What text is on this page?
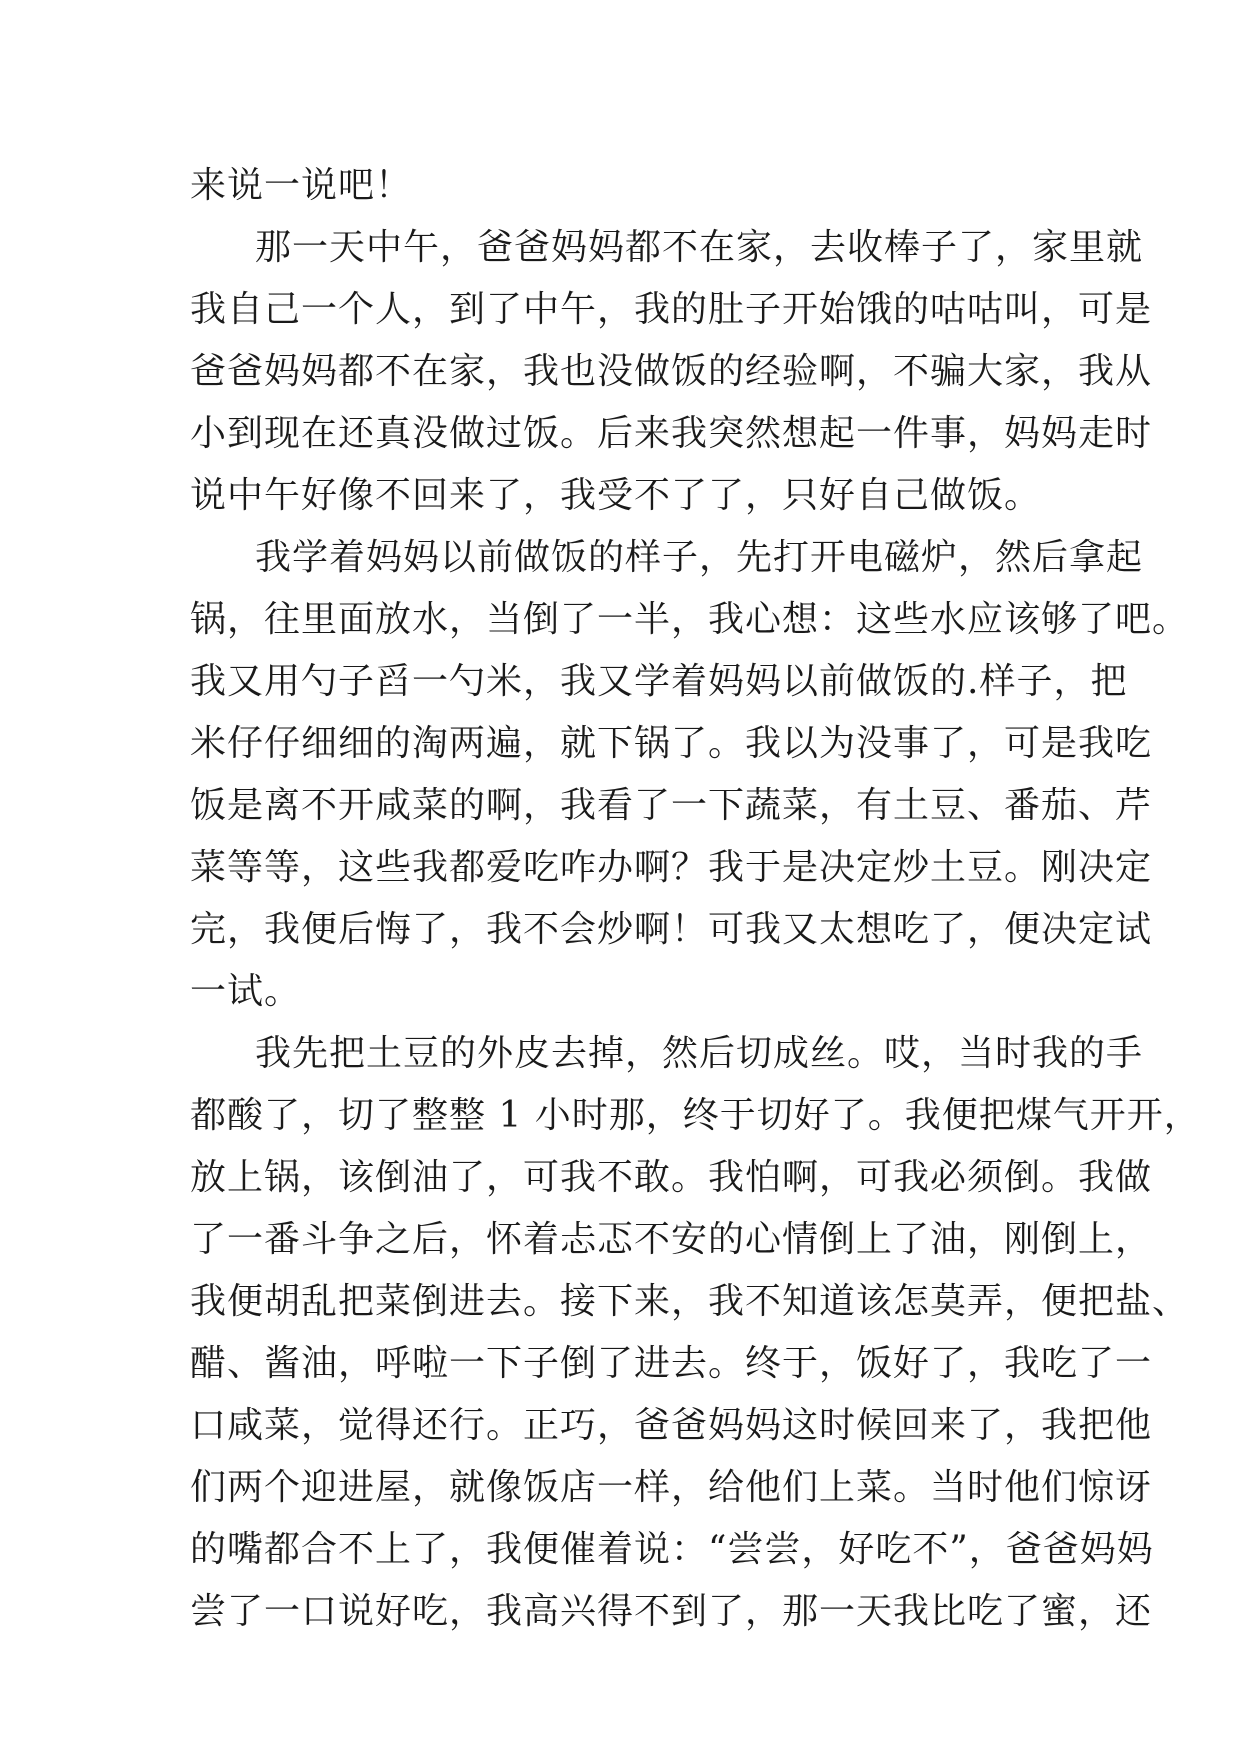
来说一说吧！
那一天中午，爸爸妈妈都不在家，去收棒子了，家里就
我自己一个人，到了中午，我的肚子开始饿的咕咕叫，可是
爸爸妈妈都不在家，我也没做饭的经验啊，不骗大家，我从
小到现在还真没做过饭。后来我突然想起一件事，妈妈走时
说中午好像不回来了，我受不了了，只好自己做饭。
我学着妈妈以前做饭的样子，先打开电磁炉，然后拿起
锅，往里面放水，当倒了一半，我心想：这些水应该够了吧。
我又用勺子舀一勺米，我又学着妈妈以前做饭的.样子，把
米仔仔细细的淘两遍，就下锅了。我以为没事了，可是我吃
饭是离不开咸菜的啊，我看了一下蔬菜，有土豆、番茄、芹
菜等等，这些我都爱吃咋办啊？我于是决定炒土豆。刚决定
完，我便后悔了，我不会炒啊！可我又太想吃了，便决定试
一试。
我先把土豆的外皮去掉，然后切成丝。哎，当时我的手
都酸了，切了整整 1 小时那，终于切好了。我便把煤气开开，
放上锅，该倒油了，可我不敢。我怕啊，可我必须倒。我做
了一番斗争之后，怀着忐忑不安的心情倒上了油，刚倒上，
我便胡乱把菜倒进去。接下来，我不知道该怎莫弄，便把盐、
醋、酱油，呼啦一下子倒了进去。终于，饭好了，我吃了一
口咸菜，觉得还行。正巧，爸爸妈妈这时候回来了，我把他
们两个迎进屋，就像饭店一样，给他们上菜。当时他们惊讶
的嘴都合不上了，我便催着说：“尝尝，好吃不”，爸爸妈妈
尝了一口说好吃，我高兴得不到了，那一天我比吃了蜜，还
